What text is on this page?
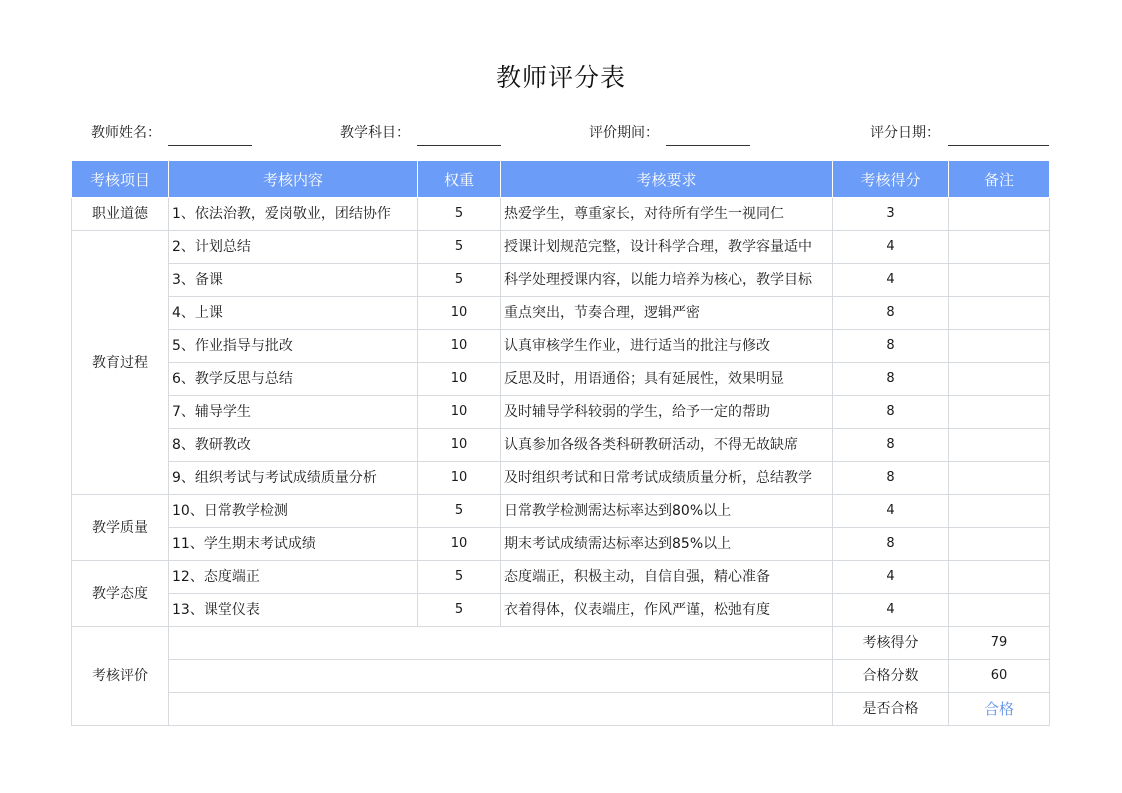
教师评分表
教师姓名：	教学科目：	评价期间：	评分日期：
考核项目	考核内容	权重	考核要求	考核得分	备注
职业道德	1、依法治教，爱岗敬业，团结协作	5	热爱学生，尊重家长，对待所有学生一视同仁	3	
教育过程	2、计划总结	5	授课计划规范完整，设计科学合理，教学容量适中	4	
	3、备课	5	科学处理授课内容，以能力培养为核心，教学目标	4	
	4、上课	10	重点突出，节奏合理，逻辑严密	8	
	5、作业指导与批改	10	认真审核学生作业，进行适当的批注与修改	8	
	6、教学反思与总结	10	反思及时，用语通俗；具有延展性，效果明显	8	
	7、辅导学生	10	及时辅导学科较弱的学生，给予一定的帮助	8	
	8、教研教改	10	认真参加各级各类科研教研活动，不得无故缺席	8	
	9、组织考试与考试成绩质量分析	10	及时组织考试和日常考试成绩质量分析，总结教学	8	
教学质量	10、日常教学检测	5	日常教学检测需达标率达到80%以上	4	
	11、学生期末考试成绩	10	期末考试成绩需达标率达到85%以上	8	
教学态度	12、态度端正	5	态度端正，积极主动，自信自强，精心准备	4	
	13、课堂仪表	5	衣着得体，仪表端庄，作风严谨，松弛有度	4	
考核评价				考核得分	79
				合格分数	60
				是否合格	合格
